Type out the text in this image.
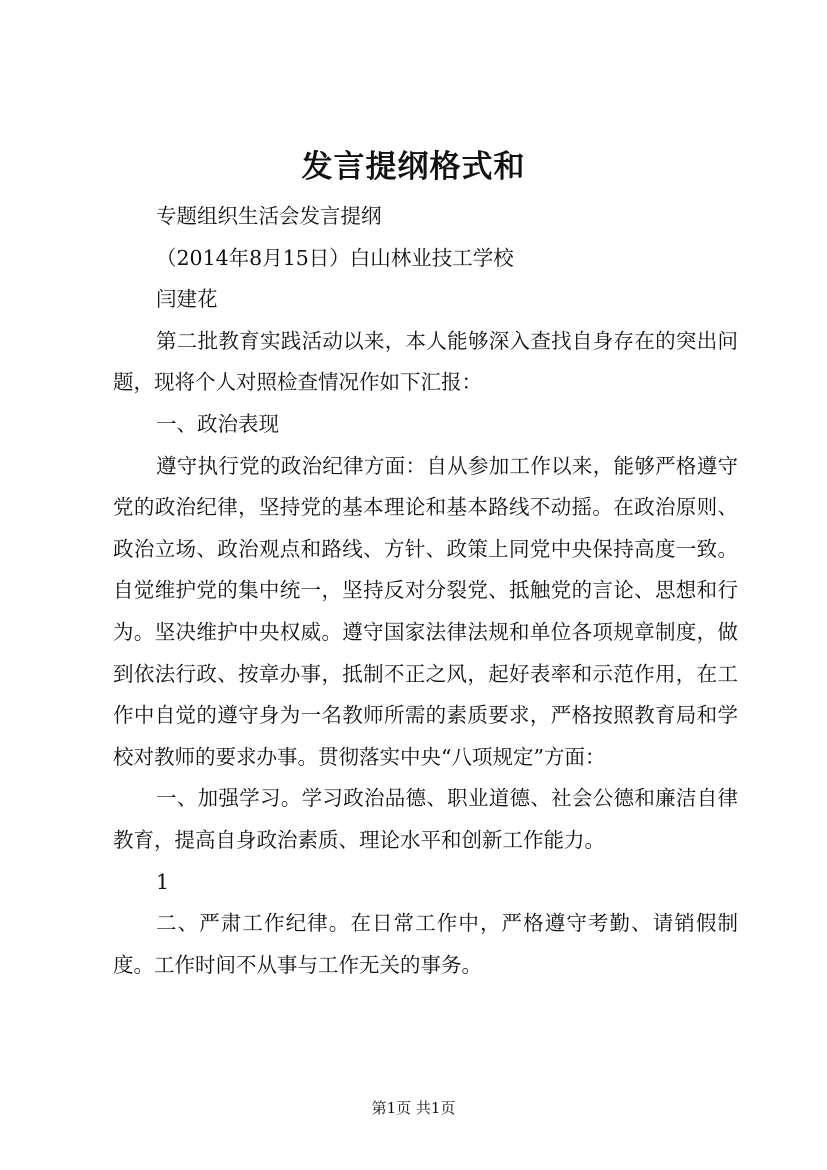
发言提纲格式和

专题组织生活会发言提纲

（2014年8月15日）白山林业技工学校

闫建花

第二批教育实践活动以来，本人能够深入查找自身存在的突出问题，现将个人对照检查情况作如下汇报：

一、政治表现

遵守执行党的政治纪律方面：自从参加工作以来，能够严格遵守党的政治纪律，坚持党的基本理论和基本路线不动摇。在政治原则、政治立场、政治观点和路线、方针、政策上同党中央保持高度一致。自觉维护党的集中统一，坚持反对分裂党、抵触党的言论、思想和行为。坚决维护中央权威。遵守国家法律法规和单位各项规章制度，做到依法行政、按章办事，抵制不正之风，起好表率和示范作用，在工作中自觉的遵守身为一名教师所需的素质要求，严格按照教育局和学校对教师的要求办事。贯彻落实中央“八项规定”方面：

一、加强学习。学习政治品德、职业道德、社会公德和廉洁自律教育，提高自身政治素质、理论水平和创新工作能力。

1

二、严肃工作纪律。在日常工作中，严格遵守考勤、请销假制度。工作时间不从事与工作无关的事务。

第1页 共1页
